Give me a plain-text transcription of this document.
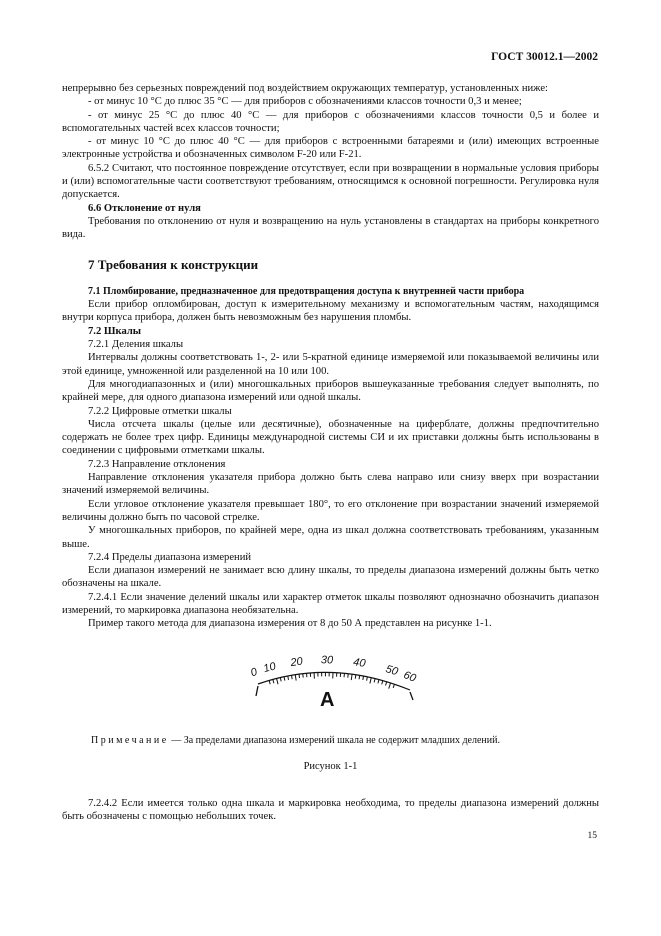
ГОСТ 30012.1—2002

непрерывно без серьезных повреждений под воздействием окружающих температур, установленных ниже:

- от минус 10 °С до плюс 35 °С — для приборов с обозначениями классов точности 0,3 и менее;

- от минус 25 °С до плюс 40 °С — для приборов с обозначениями классов точности 0,5 и более и вспомогательных частей всех классов точности;

- от минус 10 °С до плюс 40 °С — для приборов с встроенными батареями и (или) имеющих встроенные электронные устройства и обозначенных символом F-20 или F-21.

6.5.2 Считают, что постоянное повреждение отсутствует, если при возвращении в нормальные условия приборы и (или) вспомогательные части соответствуют требованиям, относящимся к основной погрешности. Регулировка нуля допускается.

6.6 Отклонение от нуля

Требования по отклонению от нуля и возвращению на нуль установлены в стандартах на приборы конкретного вида.

7 Требования к конструкции

7.1 Пломбирование, предназначенное для предотвращения доступа к внутренней части прибора

Если прибор опломбирован, доступ к измерительному механизму и вспомогательным частям, находящимся внутри корпуса прибора, должен быть невозможным без нарушения пломбы.

7.2 Шкалы

7.2.1 Деления шкалы

Интервалы должны соответствовать 1-, 2- или 5-кратной единице измеряемой или показываемой величины или этой единице, умноженной или разделенной на 10 или 100.

Для многодиапазонных и (или) многошкальных приборов вышеуказанные требования следует выполнять, по крайней мере, для одного диапазона измерений или одной шкалы.

7.2.2 Цифровые отметки шкалы

Числа отсчета шкалы (целые или десятичные), обозначенные на циферблате, должны предпочтительно содержать не более трех цифр. Единицы международной системы СИ и их приставки должны быть использованы в соединении с цифровыми отметками шкалы.

7.2.3 Направление отклонения

Направление отклонения указателя прибора должно быть слева направо или снизу вверх при возрастании значений измеряемой величины.

Если угловое отклонение указателя превышает 180°, то его отклонение при возрастании значений измеряемой величины должно быть по часовой стрелке.

У многошкальных приборов, по крайней мере, одна из шкал должна соответствовать требованиям, указанным выше.

7.2.4 Пределы диапазона измерений

Если диапазон измерений не занимает всю длину шкалы, то пределы диапазона измерений должны быть четко обозначены на шкале.

7.2.4.1 Если значение делений шкалы или характер отметок шкалы позволяют однозначно обозначить диапазон измерений, то маркировка диапазона необязательна.

Пример такого метода для диапазона измерения от 8 до 50 А представлен на рисунке 1-1.

0 10 20 30 40
50 60
A
Примечание — За пределами диапазона измерений шкала не содержит младших делений.
Рисунок 1-1

7.2.4.2 Если имеется только одна шкала и маркировка необходима, то пределы диапазона измерений должны быть обозначены с помощью небольших точек.

15
